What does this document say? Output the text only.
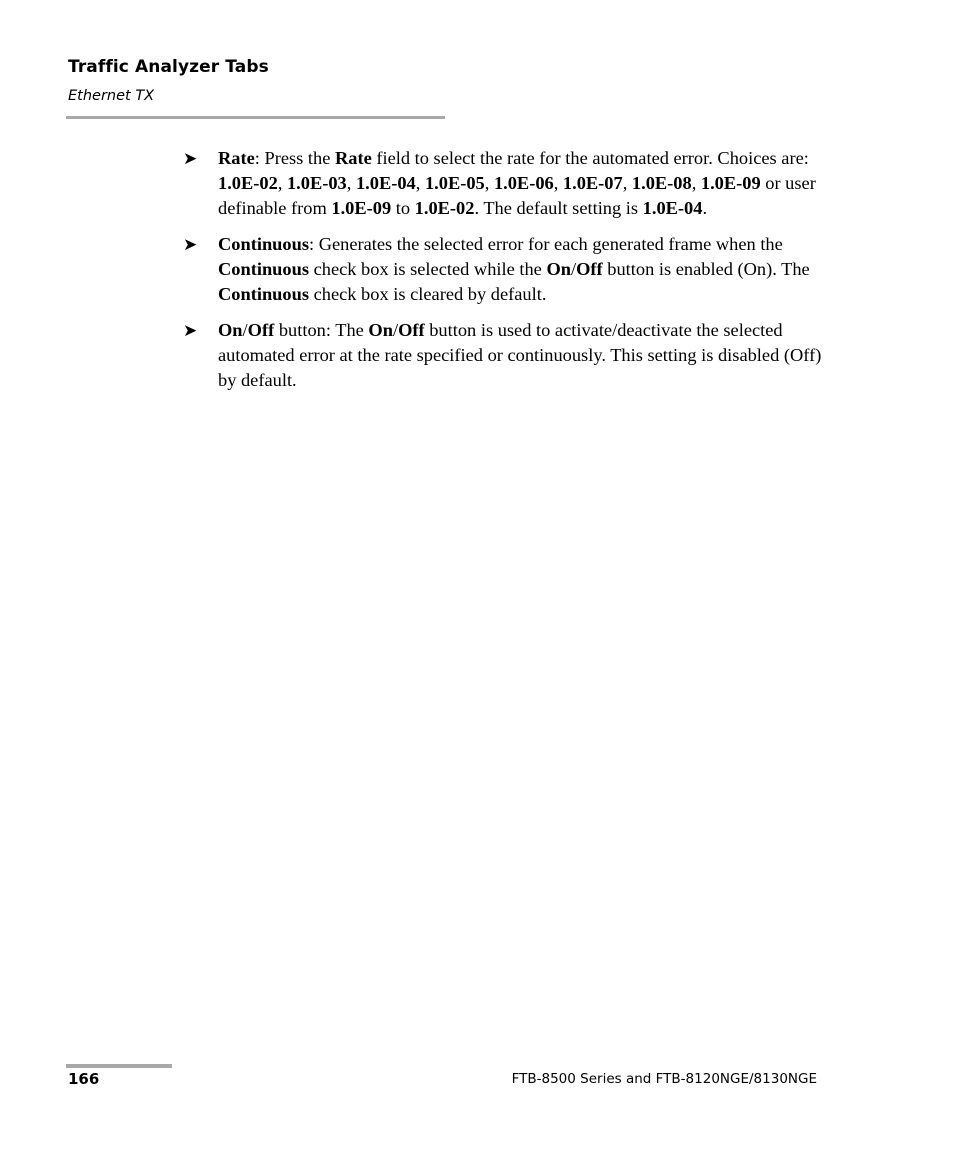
Traffic Analyzer Tabs
Ethernet TX
➤ Rate: Press the Rate field to select the rate for the automated error. Choices are: 1.0E-02, 1.0E-03, 1.0E-04, 1.0E-05, 1.0E-06, 1.0E-07, 1.0E-08, 1.0E-09 or user definable from 1.0E-09 to 1.0E-02. The default setting is 1.0E-04.
➤ Continuous: Generates the selected error for each generated frame when the Continuous check box is selected while the On/Off button is enabled (On). The Continuous check box is cleared by default.
➤ On/Off button: The On/Off button is used to activate/deactivate the selected automated error at the rate specified or continuously. This setting is disabled (Off) by default.
166	FTB-8500 Series and FTB-8120NGE/8130NGE
